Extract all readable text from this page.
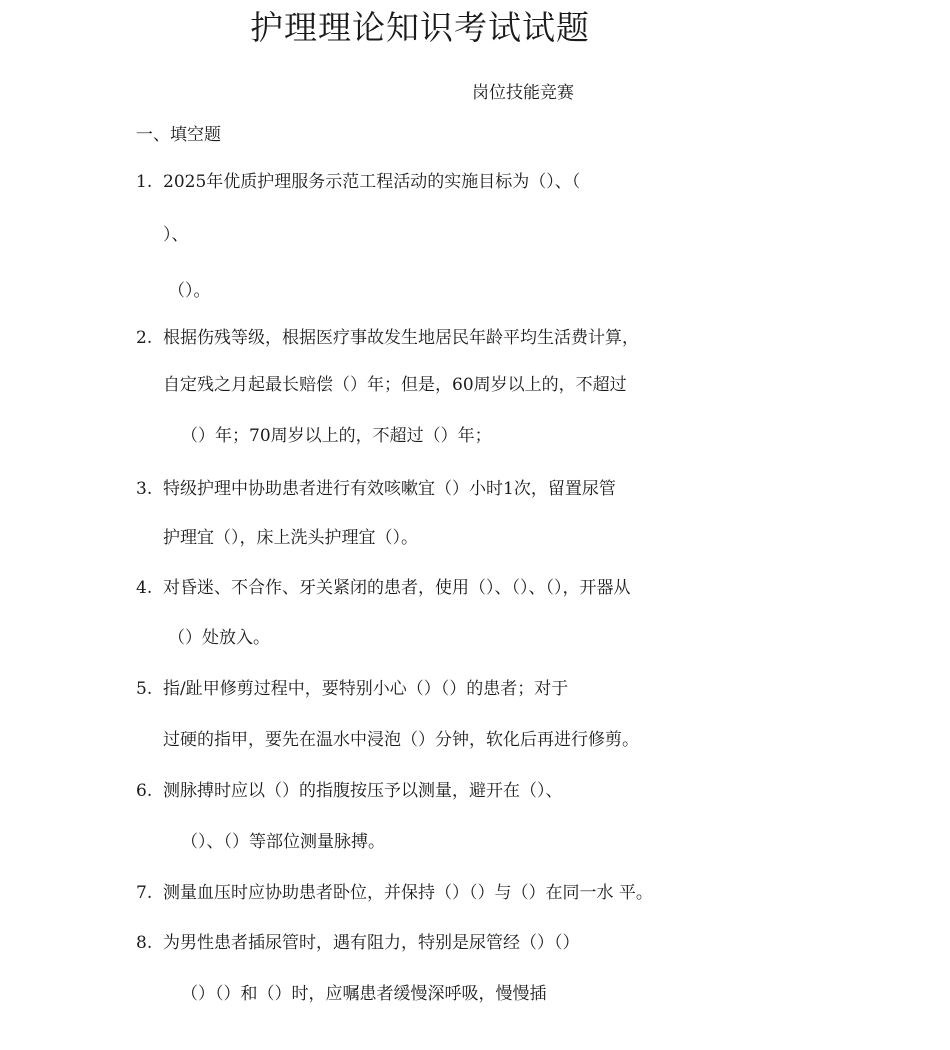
护理理论知识考试试题
岗位技能竞赛
一、填空题
1. 2025年优质护理服务示范工程活动的实施目标为（）、（
）、
（）。
2. 根据伤残等级，根据医疗事故发生地居民年龄平均生活费计算，
自定残之月起最长赔偿（）年；但是，60周岁以上的，不超过
（）年；70周岁以上的，不超过（）年；
3. 特级护理中协助患者进行有效咳嗽宜（）小时1次，留置尿管
护理宜（），床上洗头护理宜（）。
4. 对昏迷、不合作、牙关紧闭的患者，使用（）、（）、（），开器从
（）处放入。
5. 指/趾甲修剪过程中，要特别小心（）（）的患者；对于
过硬的指甲，要先在温水中浸泡（）分钟，软化后再进行修剪。
6. 测脉搏时应以（）的指腹按压予以测量，避开在（）、
（）、（）等部位测量脉搏。
7. 测量血压时应协助患者卧位，并保持（）（）与（）在同一水 平。
8. 为男性患者插尿管时，遇有阻力，特别是尿管经（）（）
（）（）和（）时，应嘱患者缓慢深呼吸，慢慢插
